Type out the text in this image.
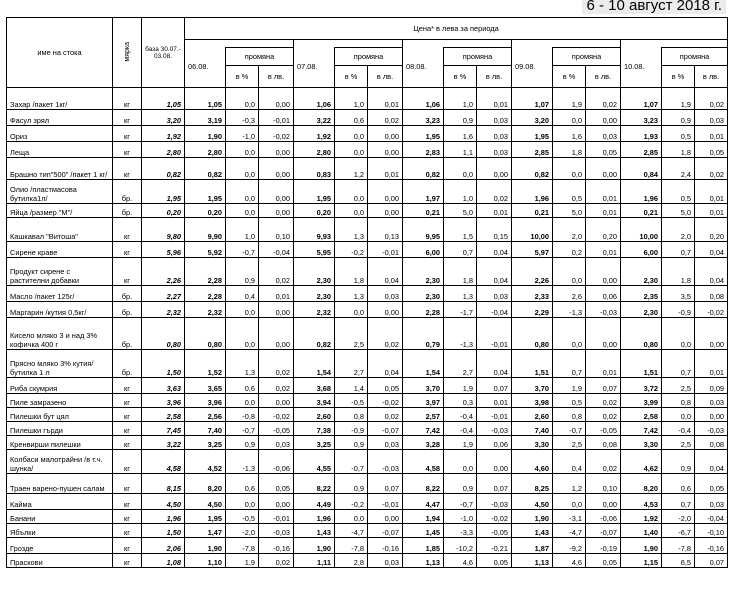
6 - 10 август 2018 г.
име на стока	мярка	база 30.07.- 03.08.	Цена* в лева за периода														

			06.08.	промяна		07.08.	промяна		08.08.	промяна		09.08.	промяна		10.08.	промяна	
				в %	в лв.		в %	в лв.		в %	в лв.		в %	в лв.		в %	в лв.
Захар /пакет 1кг/	кг	1,05	1,05	0,0	0,00	1,06	1,0	0,01	1,06	1,0	0,01	1,07	1,9	0,02	1,07	1,9	0,02
Фасул зрял	кг	3,20	3,19	-0,3	-0,01	3,22	0,6	0,02	3,23	0,9	0,03	3,20	0,0	0,00	3,23	0,9	0,03
Ориз	кг	1,92	1,90	-1,0	-0,02	1,92	0,0	0,00	1,95	1,6	0,03	1,95	1,6	0,03	1,93	0,5	0,01
Леща	кг	2,80	2,80	0,0	0,00	2,80	0,0	0,00	2,83	1,1	0,03	2,85	1,8	0,05	2,85	1,8	0,05
Брашно тип"500" /пакет 1 кг/	кг	0,82	0,82	0,0	0,00	0,83	1,2	0,01	0,82	0,0	0,00	0,82	0,0	0,00	0,84	2,4	0,02
Олио /пластмасова бутилка1л/	бр.	1,95	1,95	0,0	0,00	1,95	0,0	0,00	1,97	1,0	0,02	1,96	0,5	0,01	1,96	0,5	0,01
Яйца /размер "М"/	бр.	0,20	0,20	0,0	0,00	0,20	0,0	0,00	0,21	5,0	0,01	0,21	5,0	0,01	0,21	5,0	0,01
Кашкавал "Витоша"	кг	9,80	9,90	1,0	0,10	9,93	1,3	0,13	9,95	1,5	0,15	10,00	2,0	0,20	10,00	2,0	0,20
Сирене краве	кг	5,96	5,92	-0,7	-0,04	5,95	-0,2	-0,01	6,00	0,7	0,04	5,97	0,2	0,01	6,00	0,7	0,04
Продукт сирене с растителни добавки	кг	2,26	2,28	0,9	0,02	2,30	1,8	0,04	2,30	1,8	0,04	2,26	0,0	0,00	2,30	1,8	0,04
Масло /пакет 125г/	бр.	2,27	2,28	0,4	0,01	2,30	1,3	0,03	2,30	1,3	0,03	2,33	2,6	0,06	2,35	3,5	0,08
Маргарин /кутия 0,5кг/	бр.	2,32	2,32	0,0	0,00	2,32	0,0	0,00	2,28	-1,7	-0,04	2,29	-1,3	-0,03	2,30	-0,9	-0,02
Кисело мляко 3 и над 3% кофичка 400 г	бр.	0,80	0,80	0,0	0,00	0,82	2,5	0,02	0,79	-1,3	-0,01	0,80	0,0	0,00	0,80	0,0	0,00
Прясно мляко 3% кутия/бутилка 1 л	бр.	1,50	1,52	1,3	0,02	1,54	2,7	0,04	1,54	2,7	0,04	1,51	0,7	0,01	1,51	0,7	0,01
Риба скумрия	кг	3,63	3,65	0,6	0,02	3,68	1,4	0,05	3,70	1,9	0,07	3,70	1,9	0,07	3,72	2,5	0,09
Пиле замразено	кг	3,96	3,96	0,0	0,00	3,94	-0,5	-0,02	3,97	0,3	0,01	3,98	0,5	0,02	3,99	0,8	0,03
Пилешки бут цял	кг	2,58	2,56	-0,8	-0,02	2,60	0,8	0,02	2,57	-0,4	-0,01	2,60	0,8	0,02	2,58	0,0	0,00
Пилешки гърди	кг	7,45	7,40	-0,7	-0,05	7,38	-0,9	-0,07	7,42	-0,4	-0,03	7,40	-0,7	-0,05	7,42	-0,4	-0,03
Кренвирши пилешки	кг	3,22	3,25	0,9	0,03	3,25	0,9	0,03	3,28	1,9	0,06	3,30	2,5	0,08	3,30	2,5	0,08
Колбаси малотрайни /в т.ч. шунка/	кг	4,58	4,52	-1,3	-0,06	4,55	-0,7	-0,03	4,58	0,0	0,00	4,60	0,4	0,02	4,62	0,9	0,04
Траен варено-пушен салам	кг	8,15	8,20	0,6	0,05	8,22	0,9	0,07	8,22	0,9	0,07	8,25	1,2	0,10	8,20	0,6	0,05
Кайма	кг	4,50	4,50	0,0	0,00	4,49	-0,2	-0,01	4,47	-0,7	-0,03	4,50	0,0	0,00	4,53	0,7	0,03
Банани	кг	1,96	1,95	-0,5	-0,01	1,96	0,0	0,00	1,94	-1,0	-0,02	1,90	-3,1	-0,06	1,92	-2,0	-0,04
Ябълки	кг	1,50	1,47	-2,0	-0,03	1,43	-4,7	-0,07	1,45	-3,3	-0,05	1,43	-4,7	-0,07	1,40	-6,7	-0,10
Грозде	кг	2,06	1,90	-7,8	-0,16	1,90	-7,8	-0,16	1,85	-10,2	-0,21	1,87	-9,2	-0,19	1,90	-7,8	-0,16
Праскови	кг	1,08	1,10	1,9	0,02	1,11	2,8	0,03	1,13	4,6	0,05	1,13	4,6	0,05	1,15	6,5	0,07
